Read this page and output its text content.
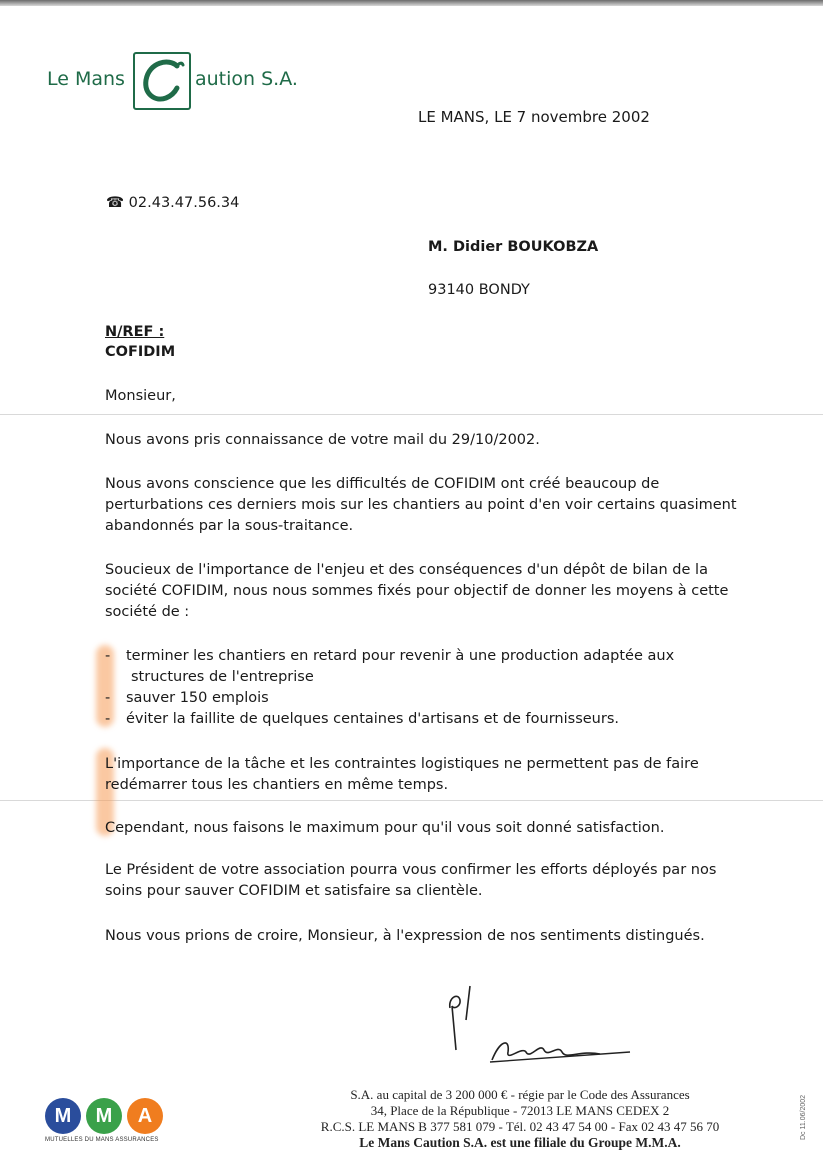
Le Mans	aution S.A.
LE MANS, LE 7 novembre 2002
☎ 02.43.47.56.34
M. Didier BOUKOBZA
93140 BONDY
N/REF :
COFIDIM
Monsieur,
Nous avons pris connaissance de votre mail du 29/10/2002.
Nous avons conscience que les difficultés de COFIDIM ont créé beaucoup de perturbations ces derniers mois sur les chantiers au point d'en voir certains quasiment abandonnés par la sous-traitance.
Soucieux de l'importance de l'enjeu et des conséquences d'un dépôt de bilan de la société COFIDIM, nous nous sommes fixés pour objectif de donner les moyens à cette société de :
- terminer les chantiers en retard pour revenir à une production adaptée aux
structures de l'entreprise
- sauver 150 emplois
- éviter la faillite de quelques centaines d'artisans et de fournisseurs.
L'importance de la tâche et les contraintes logistiques ne permettent pas de faire redémarrer tous les chantiers en même temps.
Cependant, nous faisons le maximum pour qu'il vous soit donné satisfaction.
Le Président de votre association pourra vous confirmer les efforts déployés par nos soins pour sauver COFIDIM et satisfaire sa clientèle.
Nous vous prions de croire, Monsieur, à l'expression de nos sentiments distingués.
M	M	A
MUTUELLES DU MANS ASSURANCES
S.A. au capital de 3 200 000 € - régie par le Code des Assurances
34, Place de la République - 72013 LE MANS CEDEX 2
R.C.S. LE MANS B 377 581 079 - Tél. 02 43 47 54 00 - Fax 02 43 47 56 70
Le Mans Caution S.A. est une filiale du Groupe M.M.A.
Dc 11.06/2002
